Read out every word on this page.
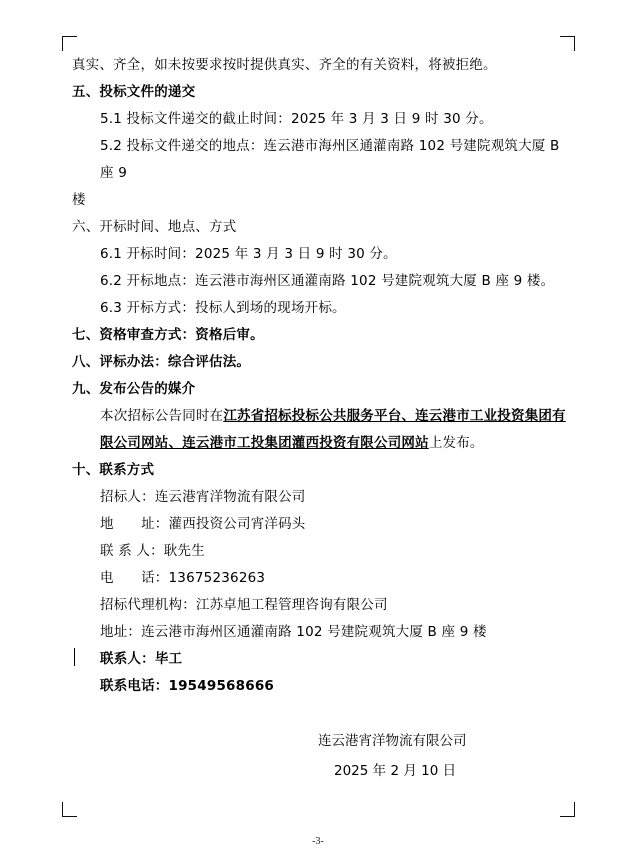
真实、齐全，如未按要求按时提供真实、齐全的有关资料，将被拒绝。
五、投标文件的递交
5.1 投标文件递交的截止时间：2025 年 3 月 3 日 9 时 30 分。
5.2 投标文件递交的地点：连云港市海州区通灌南路 102 号建院观筑大厦 B 座 9
楼
六、开标时间、地点、方式
6.1 开标时间：2025 年 3 月 3 日 9 时 30 分。
6.2 开标地点：连云港市海州区通灌南路 102 号建院观筑大厦 B 座 9 楼。
6.3 开标方式：投标人到场的现场开标。
七、资格审查方式：资格后审。
八、评标办法：综合评估法。
九、发布公告的媒介
本次招标公告同时在江苏省招标投标公共服务平台、连云港市工业投资集团有限公司网站、连云港市工投集团灌西投资有限公司网站上发布。
十、联系方式
招标人：连云港宵洋物流有限公司
地　　址：灌西投资公司宵洋码头
联 系 人：耿先生
电　　话：13675236263
招标代理机构：江苏卓旭工程管理咨询有限公司
地址：连云港市海州区通灌南路 102 号建院观筑大厦 B 座 9 楼
联系人：毕工
联系电话：19549568666
连云港宵洋物流有限公司
2025 年 2 月 10 日
-3-
